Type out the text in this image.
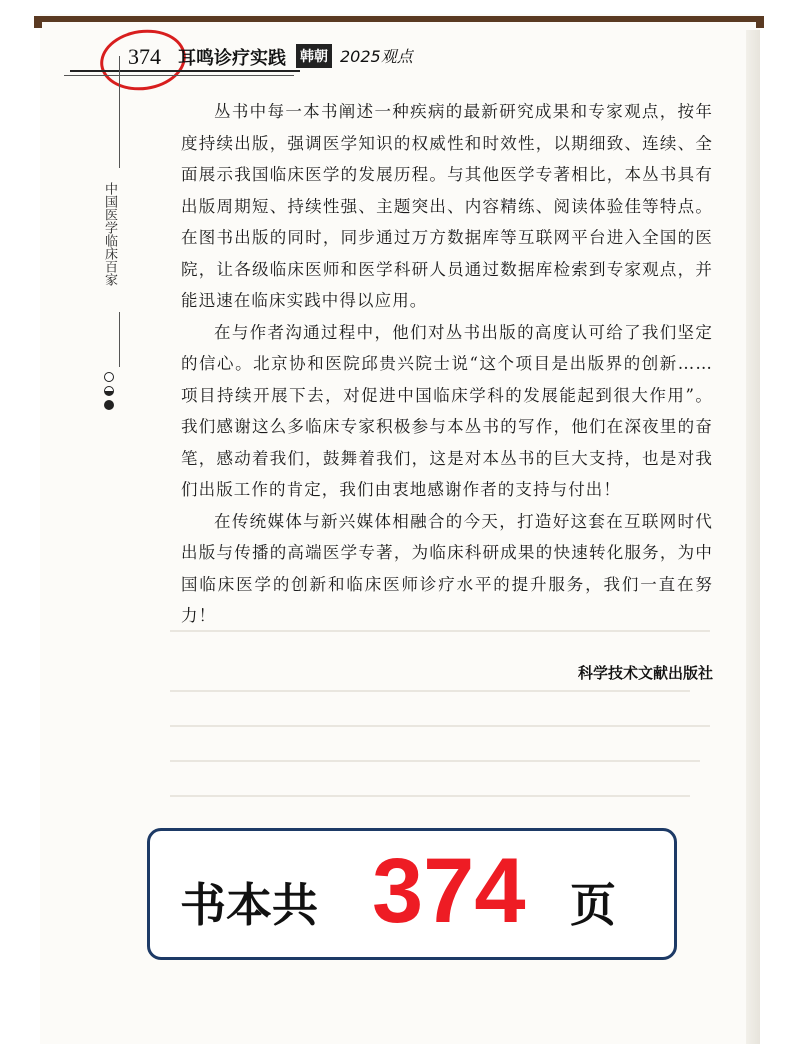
374 耳鸣诊疗实践 韩朝 2025观点
中国医学临床百家

丛书中每一本书阐述一种疾病的最新研究成果和专家观点，按年度持续出版，强调医学知识的权威性和时效性，以期细致、连续、全面展示我国临床医学的发展历程。与其他医学专著相比，本丛书具有出版周期短、持续性强、主题突出、内容精练、阅读体验佳等特点。在图书出版的同时，同步通过万方数据库等互联网平台进入全国的医院，让各级临床医师和医学科研人员通过数据库检索到专家观点，并能迅速在临床实践中得以应用。

在与作者沟通过程中，他们对丛书出版的高度认可给了我们坚定的信心。北京协和医院邱贵兴院士说“这个项目是出版界的创新……项目持续开展下去，对促进中国临床学科的发展能起到很大作用”。我们感谢这么多临床专家积极参与本丛书的写作，他们在深夜里的奋笔，感动着我们，鼓舞着我们，这是对本丛书的巨大支持，也是对我们出版工作的肯定，我们由衷地感谢作者的支持与付出！

在传统媒体与新兴媒体相融合的今天，打造好这套在互联网时代出版与传播的高端医学专著，为临床科研成果的快速转化服务，为中国临床医学的创新和临床医师诊疗水平的提升服务，我们一直在努力！

科学技术文献出版社
书本共 374 页
